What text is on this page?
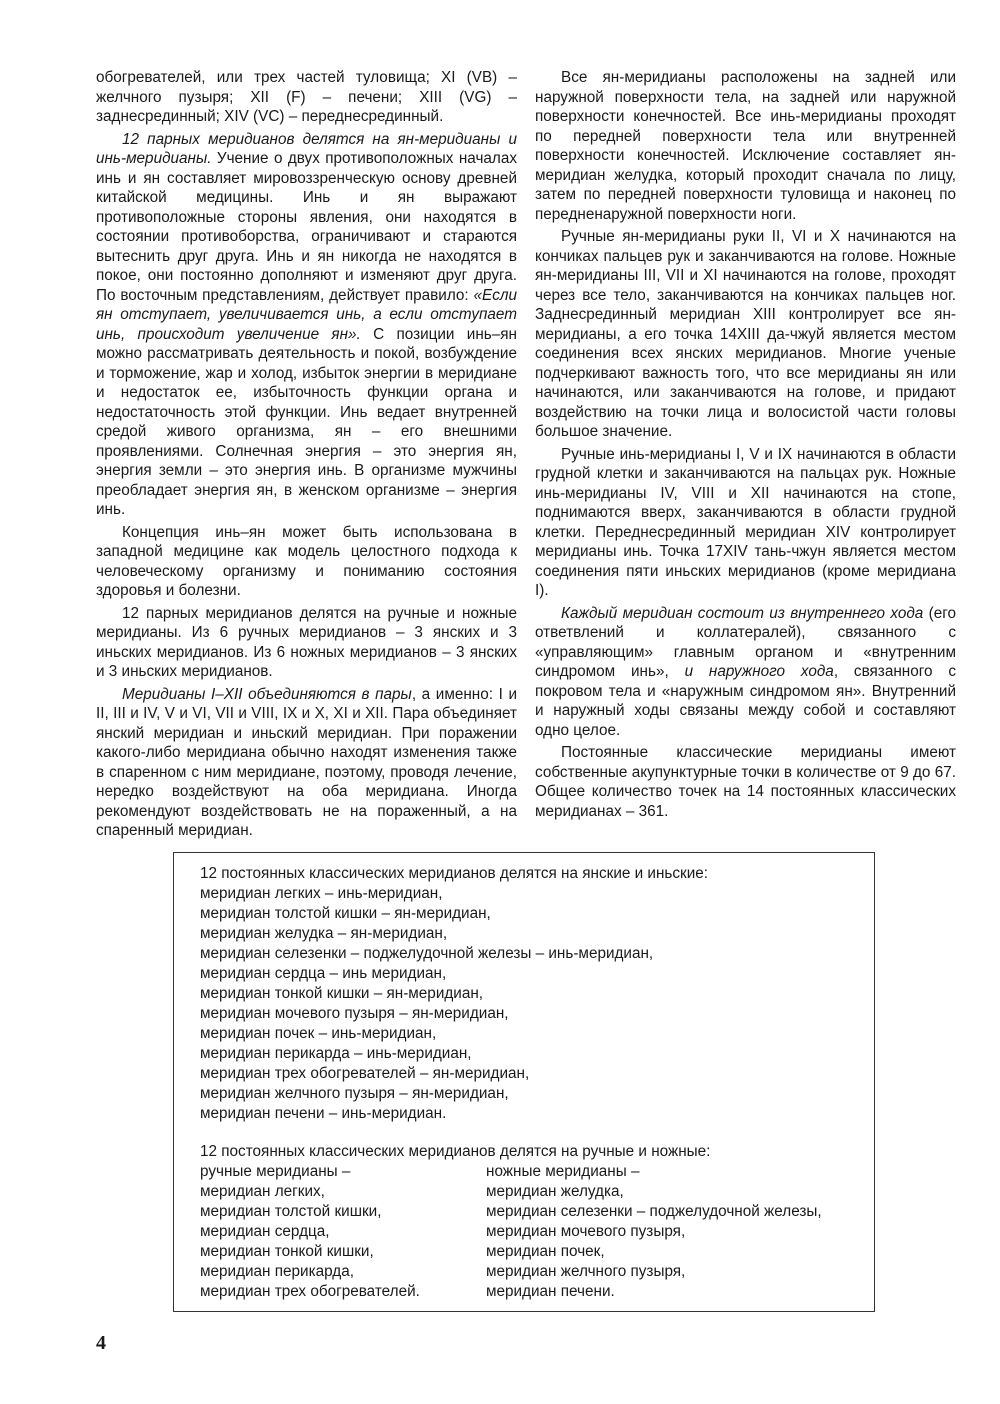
обогревателей, или трех частей туловища; XI (VB) – желчного пузыря; XII (F) – печени; XIII (VG) – заднесрединный; XIV (VC) – переднесрединный.

12 парных меридианов делятся на ян-меридианы и инь-меридианы. Учение о двух противоположных началах инь и ян составляет мировоззренческую основу древней китайской медицины. Инь и ян выражают противоположные стороны явления, они находятся в состоянии противоборства, ограничивают и стараются вытеснить друг друга. Инь и ян никогда не находятся в покое, они постоянно дополняют и изменяют друг друга. По восточным представлениям, действует правило: «Если ян отступает, увеличивается инь, а если отступает инь, происходит увеличение ян». С позиции инь–ян можно рассматривать деятельность и покой, возбуждение и торможение, жар и холод, избыток энергии в меридиане и недостаток ее, избыточность функции органа и недостаточность этой функции. Инь ведает внутренней средой живого организма, ян – его внешними проявлениями. Солнечная энергия – это энергия ян, энергия земли – это энергия инь. В организме мужчины преобладает энергия ян, в женском организме – энергия инь.

Концепция инь–ян может быть использована в западной медицине как модель целостного подхода к человеческому организму и пониманию состояния здоровья и болезни.

12 парных меридианов делятся на ручные и ножные меридианы. Из 6 ручных меридианов – 3 янских и 3 иньских меридианов. Из 6 ножных меридианов – 3 янских и 3 иньских меридианов.

Меридианы I–XII объединяются в пары, а именно: I и II, III и IV, V и VI, VII и VIII, IX и X, XI и XII. Пара объединяет янский меридиан и иньский меридиан. При поражении какого-либо меридиана обычно находят изменения также в спаренном с ним меридиане, поэтому, проводя лечение, нередко воздействуют на оба меридиана. Иногда рекомендуют воздействовать не на пораженный, а на спаренный меридиан.

Все ян-меридианы расположены на задней или наружной поверхности тела, на задней или наружной поверхности конечностей. Все инь-меридианы проходят по передней поверхности тела или внутренней поверхности конечностей. Исключение составляет ян-меридиан желудка, который проходит сначала по лицу, затем по передней поверхности туловища и наконец по передненаружной поверхности ноги.

Ручные ян-меридианы руки II, VI и X начинаются на кончиках пальцев рук и заканчиваются на голове. Ножные ян-меридианы III, VII и XI начинаются на голове, проходят через все тело, заканчиваются на кончиках пальцев ног. Заднесрединный меридиан XIII контролирует все ян-меридианы, а его точка 14XIII да-чжуй является местом соединения всех янских меридианов. Многие ученые подчеркивают важность того, что все меридианы ян или начинаются, или заканчиваются на голове, и придают воздействию на точки лица и волосистой части головы большое значение.

Ручные инь-меридианы I, V и IX начинаются в области грудной клетки и заканчиваются на пальцах рук. Ножные инь-меридианы IV, VIII и XII начинаются на стопе, поднимаются вверх, заканчиваются в области грудной клетки. Переднесрединный меридиан XIV контролирует меридианы инь. Точка 17XIV тань-чжун является местом соединения пяти иньских меридианов (кроме меридиана I).

Каждый меридиан состоит из внутреннего хода (его ответвлений и коллатералей), связанного с «управляющим» главным органом и «внутренним синдромом инь», и наружного хода, связанного с покровом тела и «наружным синдромом ян». Внутренний и наружный ходы связаны между собой и составляют одно целое.

Постоянные классические меридианы имеют собственные акупунктурные точки в количестве от 9 до 67. Общее количество точек на 14 постоянных классических меридианах – 361.

12 постоянных классических меридианов делятся на янские и иньские:
меридиан легких – инь-меридиан,
меридиан толстой кишки – ян-меридиан,
меридиан желудка – ян-меридиан,
меридиан селезенки – поджелудочной железы – инь-меридиан,
меридиан сердца – инь меридиан,
меридиан тонкой кишки – ян-меридиан,
меридиан мочевого пузыря – ян-меридиан,
меридиан почек – инь-меридиан,
меридиан перикарда – инь-меридиан,
меридиан трех обогревателей – ян-меридиан,
меридиан желчного пузыря – ян-меридиан,
меридиан печени – инь-меридиан.
12 постоянных классических меридианов делятся на ручные и ножные:
ручные меридианы –
меридиан легких,
меридиан толстой кишки,
меридиан сердца,
меридиан тонкой кишки,
меридиан перикарда,
меридиан трех обогревателей.
ножные меридианы –
меридиан желудка,
меридиан селезенки – поджелудочной железы,
меридиан мочевого пузыря,
меридиан почек,
меридиан желчного пузыря,
меридиан печени.
4
